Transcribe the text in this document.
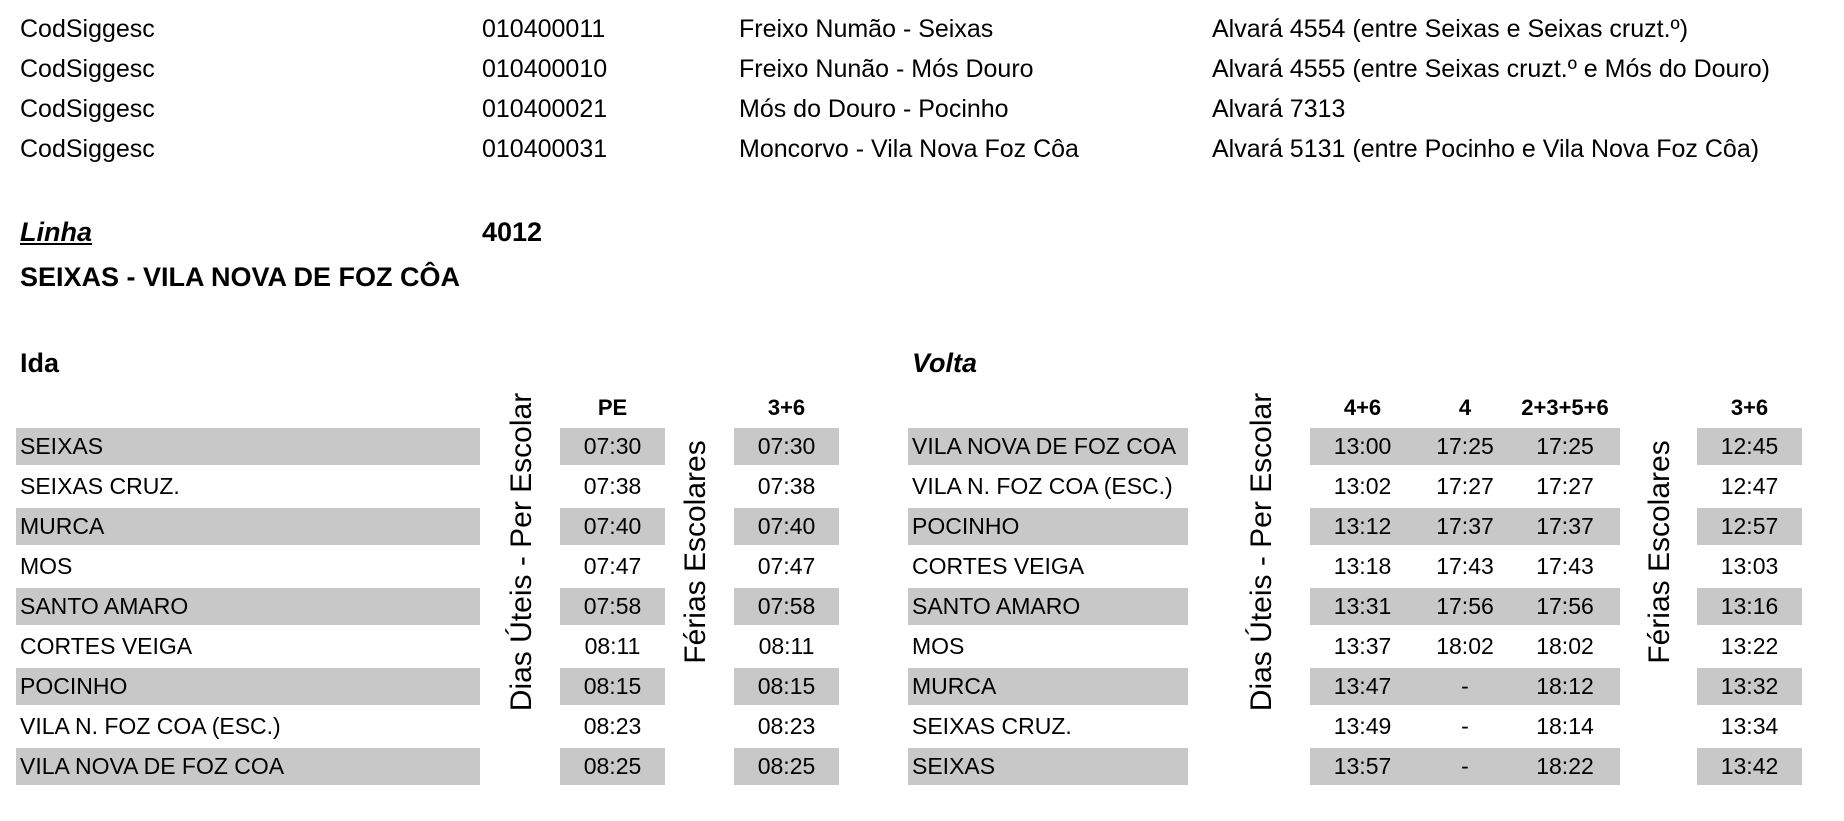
CodSiggesc	010400011	Freixo Numão - Seixas	Alvará 4554 (entre Seixas e Seixas cruzt.º)
CodSiggesc	010400010	Freixo Nunão - Mós Douro	Alvará 4555 (entre Seixas cruzt.º e Mós do Douro)
CodSiggesc	010400021	Mós do Douro - Pocinho	Alvará 7313
CodSiggesc	010400031	Moncorvo - Vila Nova Foz Côa	Alvará 5131 (entre Pocinho e Vila Nova Foz Côa)
Linha	4012
SEIXAS - VILA NOVA DE FOZ CÔA
Ida	Volta
PE	3+6
Dias Úteis - Per Escolar	Férias Escolares
SEIXAS	07:30	07:30
SEIXAS CRUZ.	07:38	07:38
MURCA	07:40	07:40
MOS	07:47	07:47
SANTO AMARO	07:58	07:58
CORTES VEIGA	08:11	08:11
POCINHO	08:15	08:15
VILA N. FOZ COA (ESC.)	08:23	08:23
VILA NOVA DE FOZ COA	08:25	08:25
4+6	4	2+3+5+6	3+6
Dias Úteis - Per Escolar	Férias Escolares
VILA NOVA DE FOZ COA	13:00	17:25	17:25	12:45
VILA N. FOZ COA (ESC.)	13:02	17:27	17:27	12:47
POCINHO	13:12	17:37	17:37	12:57
CORTES VEIGA	13:18	17:43	17:43	13:03
SANTO AMARO	13:31	17:56	17:56	13:16
MOS	13:37	18:02	18:02	13:22
MURCA	13:47	-	18:12	13:32
SEIXAS CRUZ.	13:49	-	18:14	13:34
SEIXAS	13:57	-	18:22	13:42
